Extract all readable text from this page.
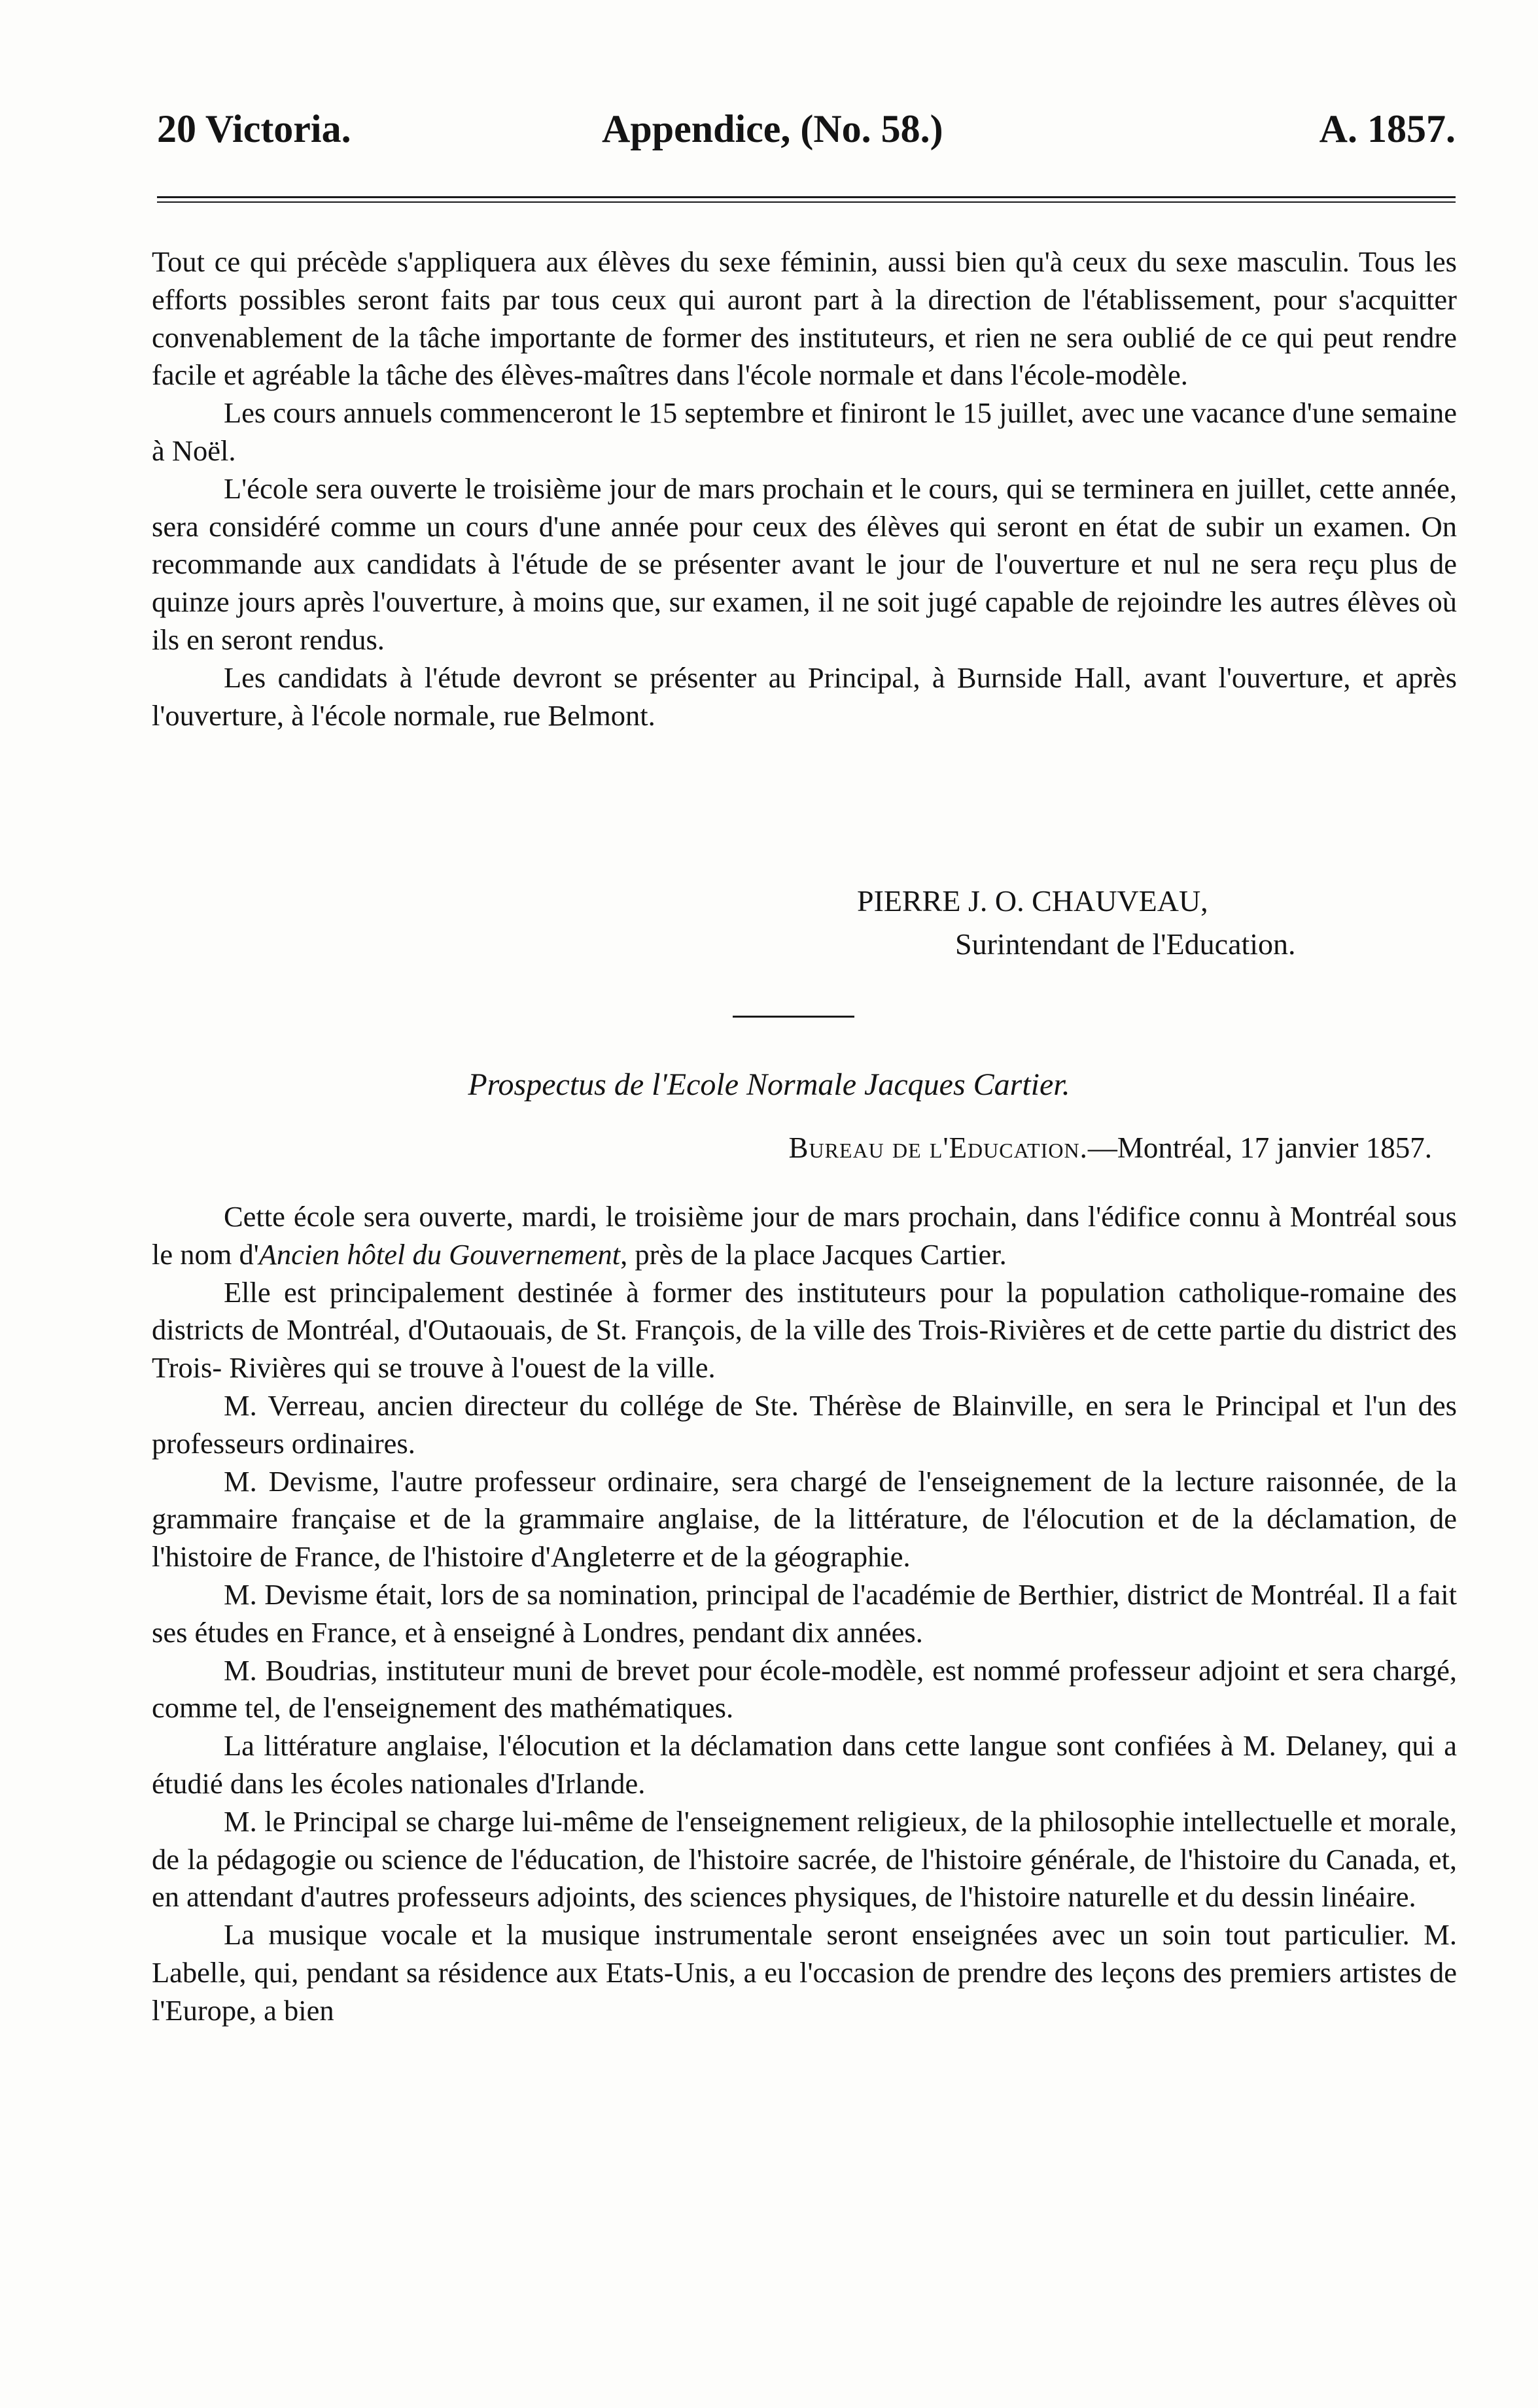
20 Victoria.	Appendice, (No. 58.)	A. 1857.

Tout ce qui précède s'appliquera aux élèves du sexe féminin, aussi bien qu'à ceux du sexe masculin. Tous les efforts possibles seront faits par tous ceux qui auront part à la direction de l'établissement, pour s'acquitter convenablement de la tâche importante de former des instituteurs, et rien ne sera oublié de ce qui peut rendre facile et agréable la tâche des élèves-maîtres dans l'école normale et dans l'école-modèle.

Les cours annuels commenceront le 15 septembre et finiront le 15 juillet, avec une vacance d'une semaine à Noël.

L'école sera ouverte le troisième jour de mars prochain et le cours, qui se terminera en juillet, cette année, sera considéré comme un cours d'une année pour ceux des élèves qui seront en état de subir un examen. On recommande aux candidats à l'étude de se présenter avant le jour de l'ouverture et nul ne sera reçu plus de quinze jours après l'ouverture, à moins que, sur examen, il ne soit jugé capable de rejoindre les autres élèves où ils en seront rendus.

Les candidats à l'étude devront se présenter au Principal, à Burnside Hall, avant l'ouverture, et après l'ouverture, à l'école normale, rue Belmont.

PIERRE J. O. CHAUVEAU,
Surintendant de l'Education.
Prospectus de l'Ecole Normale Jacques Cartier.
Bureau de l'Education.—Montréal, 17 janvier 1857.

Cette école sera ouverte, mardi, le troisième jour de mars prochain, dans l'édifice connu à Montréal sous le nom d'Ancien hôtel du Gouvernement, près de la place Jacques Cartier.

Elle est principalement destinée à former des instituteurs pour la population catholique-romaine des districts de Montréal, d'Outaouais, de St. François, de la ville des Trois-Rivières et de cette partie du district des Trois- Rivières qui se trouve à l'ouest de la ville.

M. Verreau, ancien directeur du collége de Ste. Thérèse de Blainville, en sera le Principal et l'un des professeurs ordinaires.

M. Devisme, l'autre professeur ordinaire, sera chargé de l'enseignement de la lecture raisonnée, de la grammaire française et de la grammaire anglaise, de la littérature, de l'élocution et de la déclamation, de l'histoire de France, de l'histoire d'Angleterre et de la géographie.

M. Devisme était, lors de sa nomination, principal de l'académie de Berthier, district de Montréal. Il a fait ses études en France, et à enseigné à Londres, pendant dix années.

M. Boudrias, instituteur muni de brevet pour école-modèle, est nommé professeur adjoint et sera chargé, comme tel, de l'enseignement des mathématiques.

La littérature anglaise, l'élocution et la déclamation dans cette langue sont confiées à M. Delaney, qui a étudié dans les écoles nationales d'Irlande.

M. le Principal se charge lui-même de l'enseignement religieux, de la philosophie intellectuelle et morale, de la pédagogie ou science de l'éducation, de l'histoire sacrée, de l'histoire générale, de l'histoire du Canada, et, en attendant d'autres professeurs adjoints, des sciences physiques, de l'histoire naturelle et du dessin linéaire.

La musique vocale et la musique instrumentale seront enseignées avec un soin tout particulier. M. Labelle, qui, pendant sa résidence aux Etats-Unis, a eu l'occasion de prendre des leçons des premiers artistes de l'Europe, a bien
